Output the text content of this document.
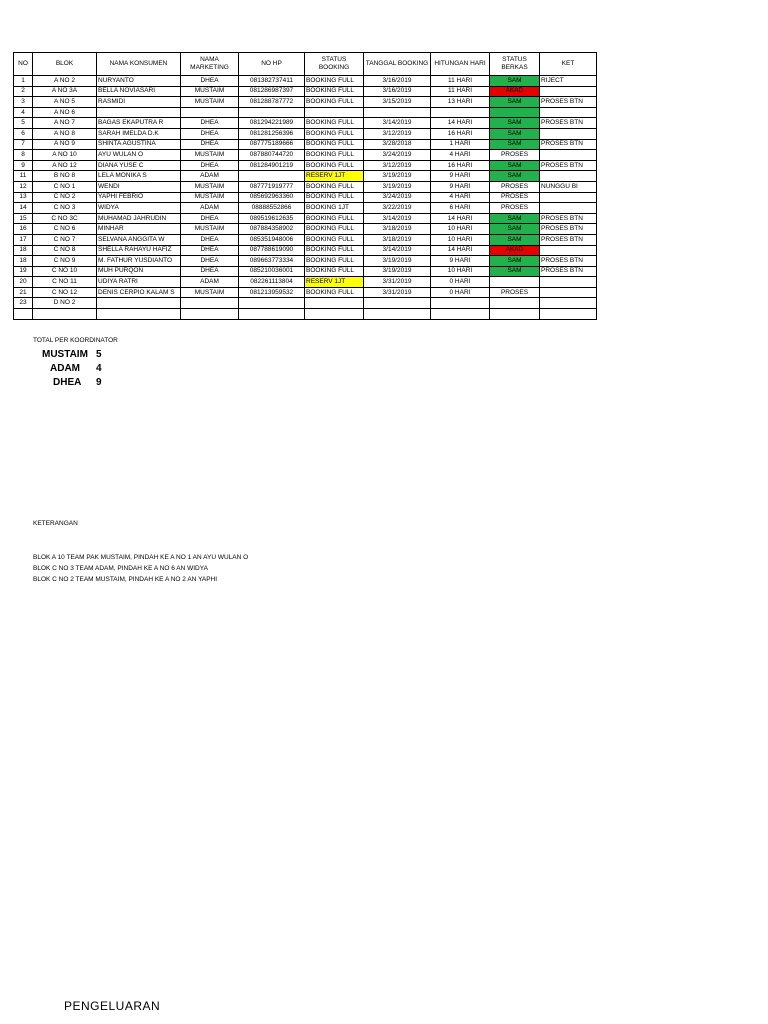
NO	BLOK	NAMA KONSUMEN	NAMA MARKETING	NO HP	STATUS BOOKING	TANGGAL BOOKING	HITUNGAN HARI	STATUS BERKAS	KET
1	A NO 2	NURYANTO	DHEA	081382737411	BOOKING FULL	3/16/2019	11 HARI	SAM	RIJECT
2	A NO 3A	BELLA NOVIASARI	MUSTAIM	081286987397	BOOKING FULL	3/16/2019	11 HARI	AKAD	
3	A NO 5	RASMIDI	MUSTAIM	081288787772	BOOKING FULL	3/15/2019	13 HARI	SAM	PROSES BTN
4	A NO 6								
5	A NO 7	BAGAS EKAPUTRA R	DHEA	081294221989	BOOKING FULL	3/14/2019	14 HARI	SAM	PROSES BTN
6	A NO 8	SARAH IMELDA D.K	DHEA	081281256396	BOOKING FULL	3/12/2019	16 HARI	SAM	
7	A NO 9	SHINTA AGUSTINA	DHEA	087775189666	BOOKING FULL	3/28/2018	1 HARI	SAM	PROSES BTN
8	A NO 10	AYU WULAN O	MUSTAIM	087880744720	BOOKING FULL	3/24/2019	4 HARI	PROSES	
9	A NO 12	DIANA YUSE C	DHEA	081284901219	BOOKING FULL	3/12/2019	16 HARI	SAM	PROSES BTN
11	B NO 8	LELA MONIKA S	ADAM		RESERV 1JT	3/19/2019	9 HARI	SAM	
12	C NO 1	WENDI	MUSTAIM	087771919777	BOOKING FULL	3/19/2019	9 HARI	PROSES	NUNGGU BI
13	C NO 2	YAPHI FEBRIO	MUSTAIM	085692963360	BOOKING FULL	3/24/2019	4 HARI	PROSES	
14	C NO 3	WIDYA	ADAM	08888552866	BOOKING 1JT	3/22/2019	6 HARI	PROSES	
15	C NO 3C	MUHAMAD JAHRUDIN	DHEA	089519612635	BOOKING FULL	3/14/2019	14 HARI	SAM	PROSES BTN
16	C NO 6	MINHAR	MUSTAIM	087884358902	BOOKING FULL	3/18/2019	10 HARI	SAM	PROSES BTN
17	C NO 7	SELVANA ANGGITA W	DHEA	085351948006	BOOKING FULL	3/18/2019	10 HARI	SAM	PROSES BTN
18	C NO 8	SHELLA RAHAYU HAFIZ	DHEA	087788619090	BOOKING FULL	3/14/2019	14 HARI	AKAD	
18	C NO 9	M. FATHUR YUSDIANTO	DHEA	089663773334	BOOKING FULL	3/19/2019	9 HARI	SAM	PROSES BTN
19	C NO 10	MUH PURQON	DHEA	085210036001	BOOKING FULL	3/19/2019	10 HARI	SAM	PROSES BTN
20	C NO 11	UDIYA RATRI	ADAM	082261113804	RESERV 1JT	3/31/2019	0 HARI		
21	C NO 12	DENIS CERPIO KALAM S	MUSTAIM	081213959532	BOOKING FULL	3/31/2019	0 HARI	PROSES	
23	D NO 2								

TOTAL PER KOORDINATOR
MUSTAIM 5
ADAM 4
DHEA 9
KETERANGAN
BLOK A 10 TEAM PAK MUSTAIM, PINDAH KE A NO 1 AN AYU WULAN O
BLOK C NO 3 TEAM ADAM, PINDAH KE A NO 6 AN WIDYA
BLOK C NO 2 TEAM MUSTAIM, PINDAH KE A NO 2 AN YAPHI
PENGELUARAN
